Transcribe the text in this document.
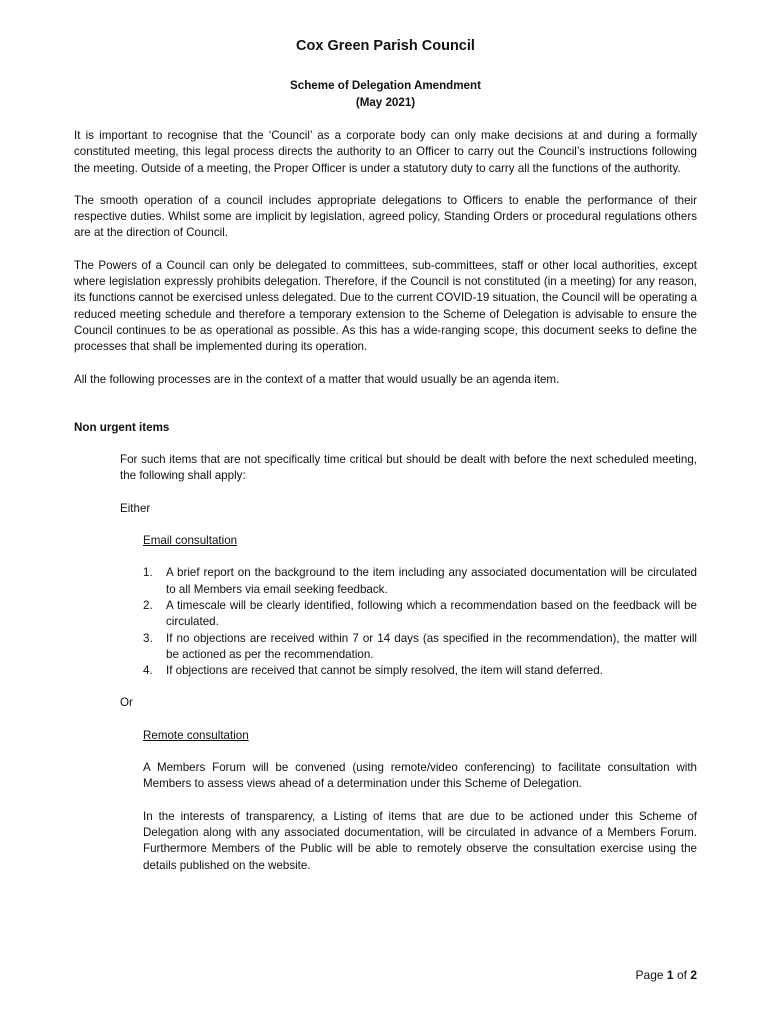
Cox Green Parish Council
Scheme of Delegation Amendment
(May 2021)

It is important to recognise that the ‘Council’ as a corporate body can only make decisions at and during a formally constituted meeting, this legal process directs the authority to an Officer to carry out the Council’s instructions following the meeting. Outside of a meeting, the Proper Officer is under a statutory duty to carry all the functions of the authority.

The smooth operation of a council includes appropriate delegations to Officers to enable the performance of their respective duties. Whilst some are implicit by legislation, agreed policy, Standing Orders or procedural regulations others are at the direction of Council.

The Powers of a Council can only be delegated to committees, sub-committees, staff or other local authorities, except where legislation expressly prohibits delegation. Therefore, if the Council is not constituted (in a meeting) for any reason, its functions cannot be exercised unless delegated. Due to the current COVID-19 situation, the Council will be operating a reduced meeting schedule and therefore a temporary extension to the Scheme of Delegation is advisable to ensure the Council continues to be as operational as possible. As this has a wide-ranging scope, this document seeks to define the processes that shall be implemented during its operation.

All the following processes are in the context of a matter that would usually be an agenda item.

Non urgent items

For such items that are not specifically time critical but should be dealt with before the next scheduled meeting, the following shall apply:

Either

Email consultation
1. A brief report on the background to the item including any associated documentation will be circulated to all Members via email seeking feedback.
2. A timescale will be clearly identified, following which a recommendation based on the feedback will be circulated.
3. If no objections are received within 7 or 14 days (as specified in the recommendation), the matter will be actioned as per the recommendation.
4. If objections are received that cannot be simply resolved, the item will stand deferred.

Or

Remote consultation

A Members Forum will be convened (using remote/video conferencing) to facilitate consultation with Members to assess views ahead of a determination under this Scheme of Delegation.

In the interests of transparency, a Listing of items that are due to be actioned under this Scheme of Delegation along with any associated documentation, will be circulated in advance of a Members Forum. Furthermore Members of the Public will be able to remotely observe the consultation exercise using the details published on the website.

Page 1 of 2
